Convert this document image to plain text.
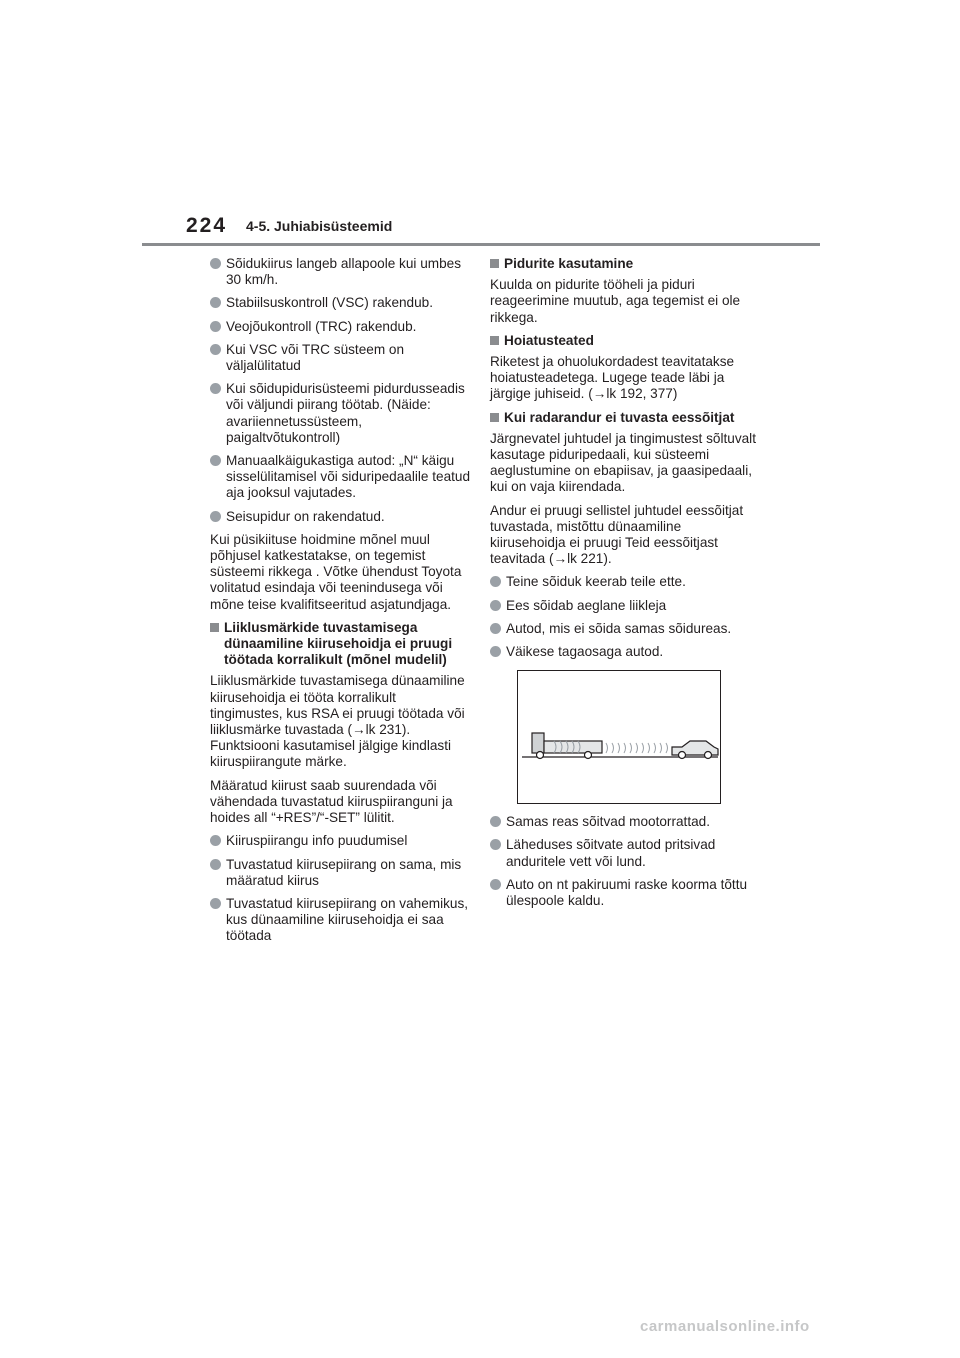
224 4-5. Juhiabisüsteemid
Sõidukiirus langeb allapoole kui umbes 30 km/h.
Stabiilsuskontroll (VSC) rakendub.
Veojõukontroll (TRC) rakendub.
Kui VSC või TRC süsteem on väljalülitatud
Kui sõidupidurisüsteemi pidurdusseadis või väljundi piirang töötab. (Näide: avariiennetussüsteem, paigaltvõtukontroll)
Manuaalkäigukastiga autod: „N“ käigu sisselülitamisel või siduripedaalile teatud aja jooksul vajutades.
Seisupidur on rakendatud.
Kui püsikiituse hoidmine mõnel muul põhjusel katkestatakse, on tegemist süsteemi rikkega . Võtke ühendust Toyota volitatud esindaja või teenindusega või mõne teise kvalifitseeritud asjatundjaga.
Liiklusmärkide tuvastamisega dünaamiline kiirusehoidja ei pruugi töötada korralikult (mõnel mudelil)
Liiklusmärkide tuvastamisega dünaamiline kiirusehoidja ei tööta korralikult tingimustes, kus RSA ei pruugi töötada või liiklusmärke tuvastada (→lk 231). Funktsiooni kasutamisel jälgige kindlasti kiiruspiirangute märke.
Määratud kiirust saab suurendada või vähendada tuvastatud kiiruspiiranguni ja hoides all “+RES”/“-SET” lülitit.
Kiiruspiirangu info puudumisel
Tuvastatud kiirusepiirang on sama, mis määratud kiirus
Tuvastatud kiirusepiirang on vahemikus, kus dünaamiline kiirusehoidja ei saa töötada
Pidurite kasutamine
Kuulda on pidurite tööheli ja piduri reageerimine muutub, aga tegemist ei ole rikkega.
Hoiatusteated
Riketest ja ohuolukordadest teavitatakse hoiatusteadetega. Lugege teade läbi ja järgige juhiseid. (→lk 192, 377)
Kui radarandur ei tuvasta eessõitjat
Järgnevatel juhtudel ja tingimustest sõltuvalt kasutage piduripedaali, kui süsteemi aeglustumine on ebapiisav, ja gaasipedaali, kui on vaja kiirendada.
Andur ei pruugi sellistel juhtudel eessõitjat tuvastada, mistõttu dünaamiline kiirusehoidja ei pruugi Teid eessõitjast teavitada (→lk 221).
Teine sõiduk keerab teile ette.
Ees sõidab aeglane liikleja
Autod, mis ei sõida samas sõidureas.
Väikese tagaosaga autod.
Samas reas sõitvad mootorrattad.
Läheduses sõitvate autod pritsivad anduritele vett või lund.
Auto on nt pakiruumi raske koorma tõttu ülespoole kaldu.
carmanualsonline.info
